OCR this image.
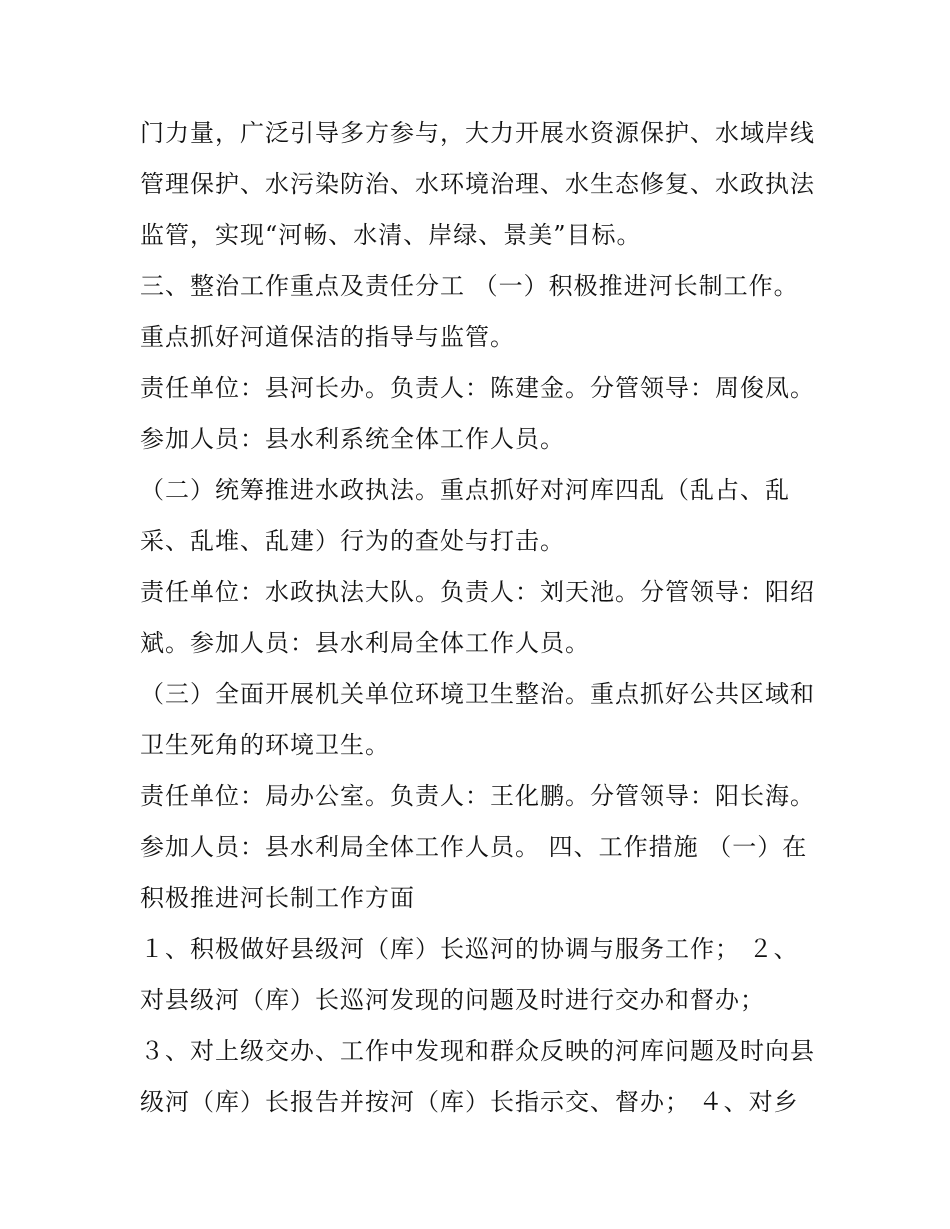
门力量，广泛引导多方参与，大力开展水资源保护、水域岸线
管理保护、水污染防治、水环境治理、水生态修复、水政执法
监管，实现“河畅、水清、岸绿、景美”目标。
三、整治工作重点及责任分工 （一）积极推进河长制工作。
重点抓好河道保洁的指导与监管。
责任单位：县河长办。负责人：陈建金。分管领导：周俊凤。
参加人员：县水利系统全体工作人员。
（二）统筹推进水政执法。重点抓好对河库四乱（乱占、乱
采、乱堆、乱建）行为的查处与打击。
责任单位：水政执法大队。负责人：刘天池。分管领导：阳绍
斌。参加人员：县水利局全体工作人员。
（三）全面开展机关单位环境卫生整治。重点抓好公共区域和
卫生死角的环境卫生。
责任单位：局办公室。负责人：王化鹏。分管领导：阳长海。
参加人员：县水利局全体工作人员。 四、工作措施 （一）在
积极推进河长制工作方面
１、积极做好县级河（库）长巡河的协调与服务工作； ２、
对县级河（库）长巡河发现的问题及时进行交办和督办；
３、对上级交办、工作中发现和群众反映的河库问题及时向县
级河（库）长报告并按河（库）长指示交、督办； ４、对乡
